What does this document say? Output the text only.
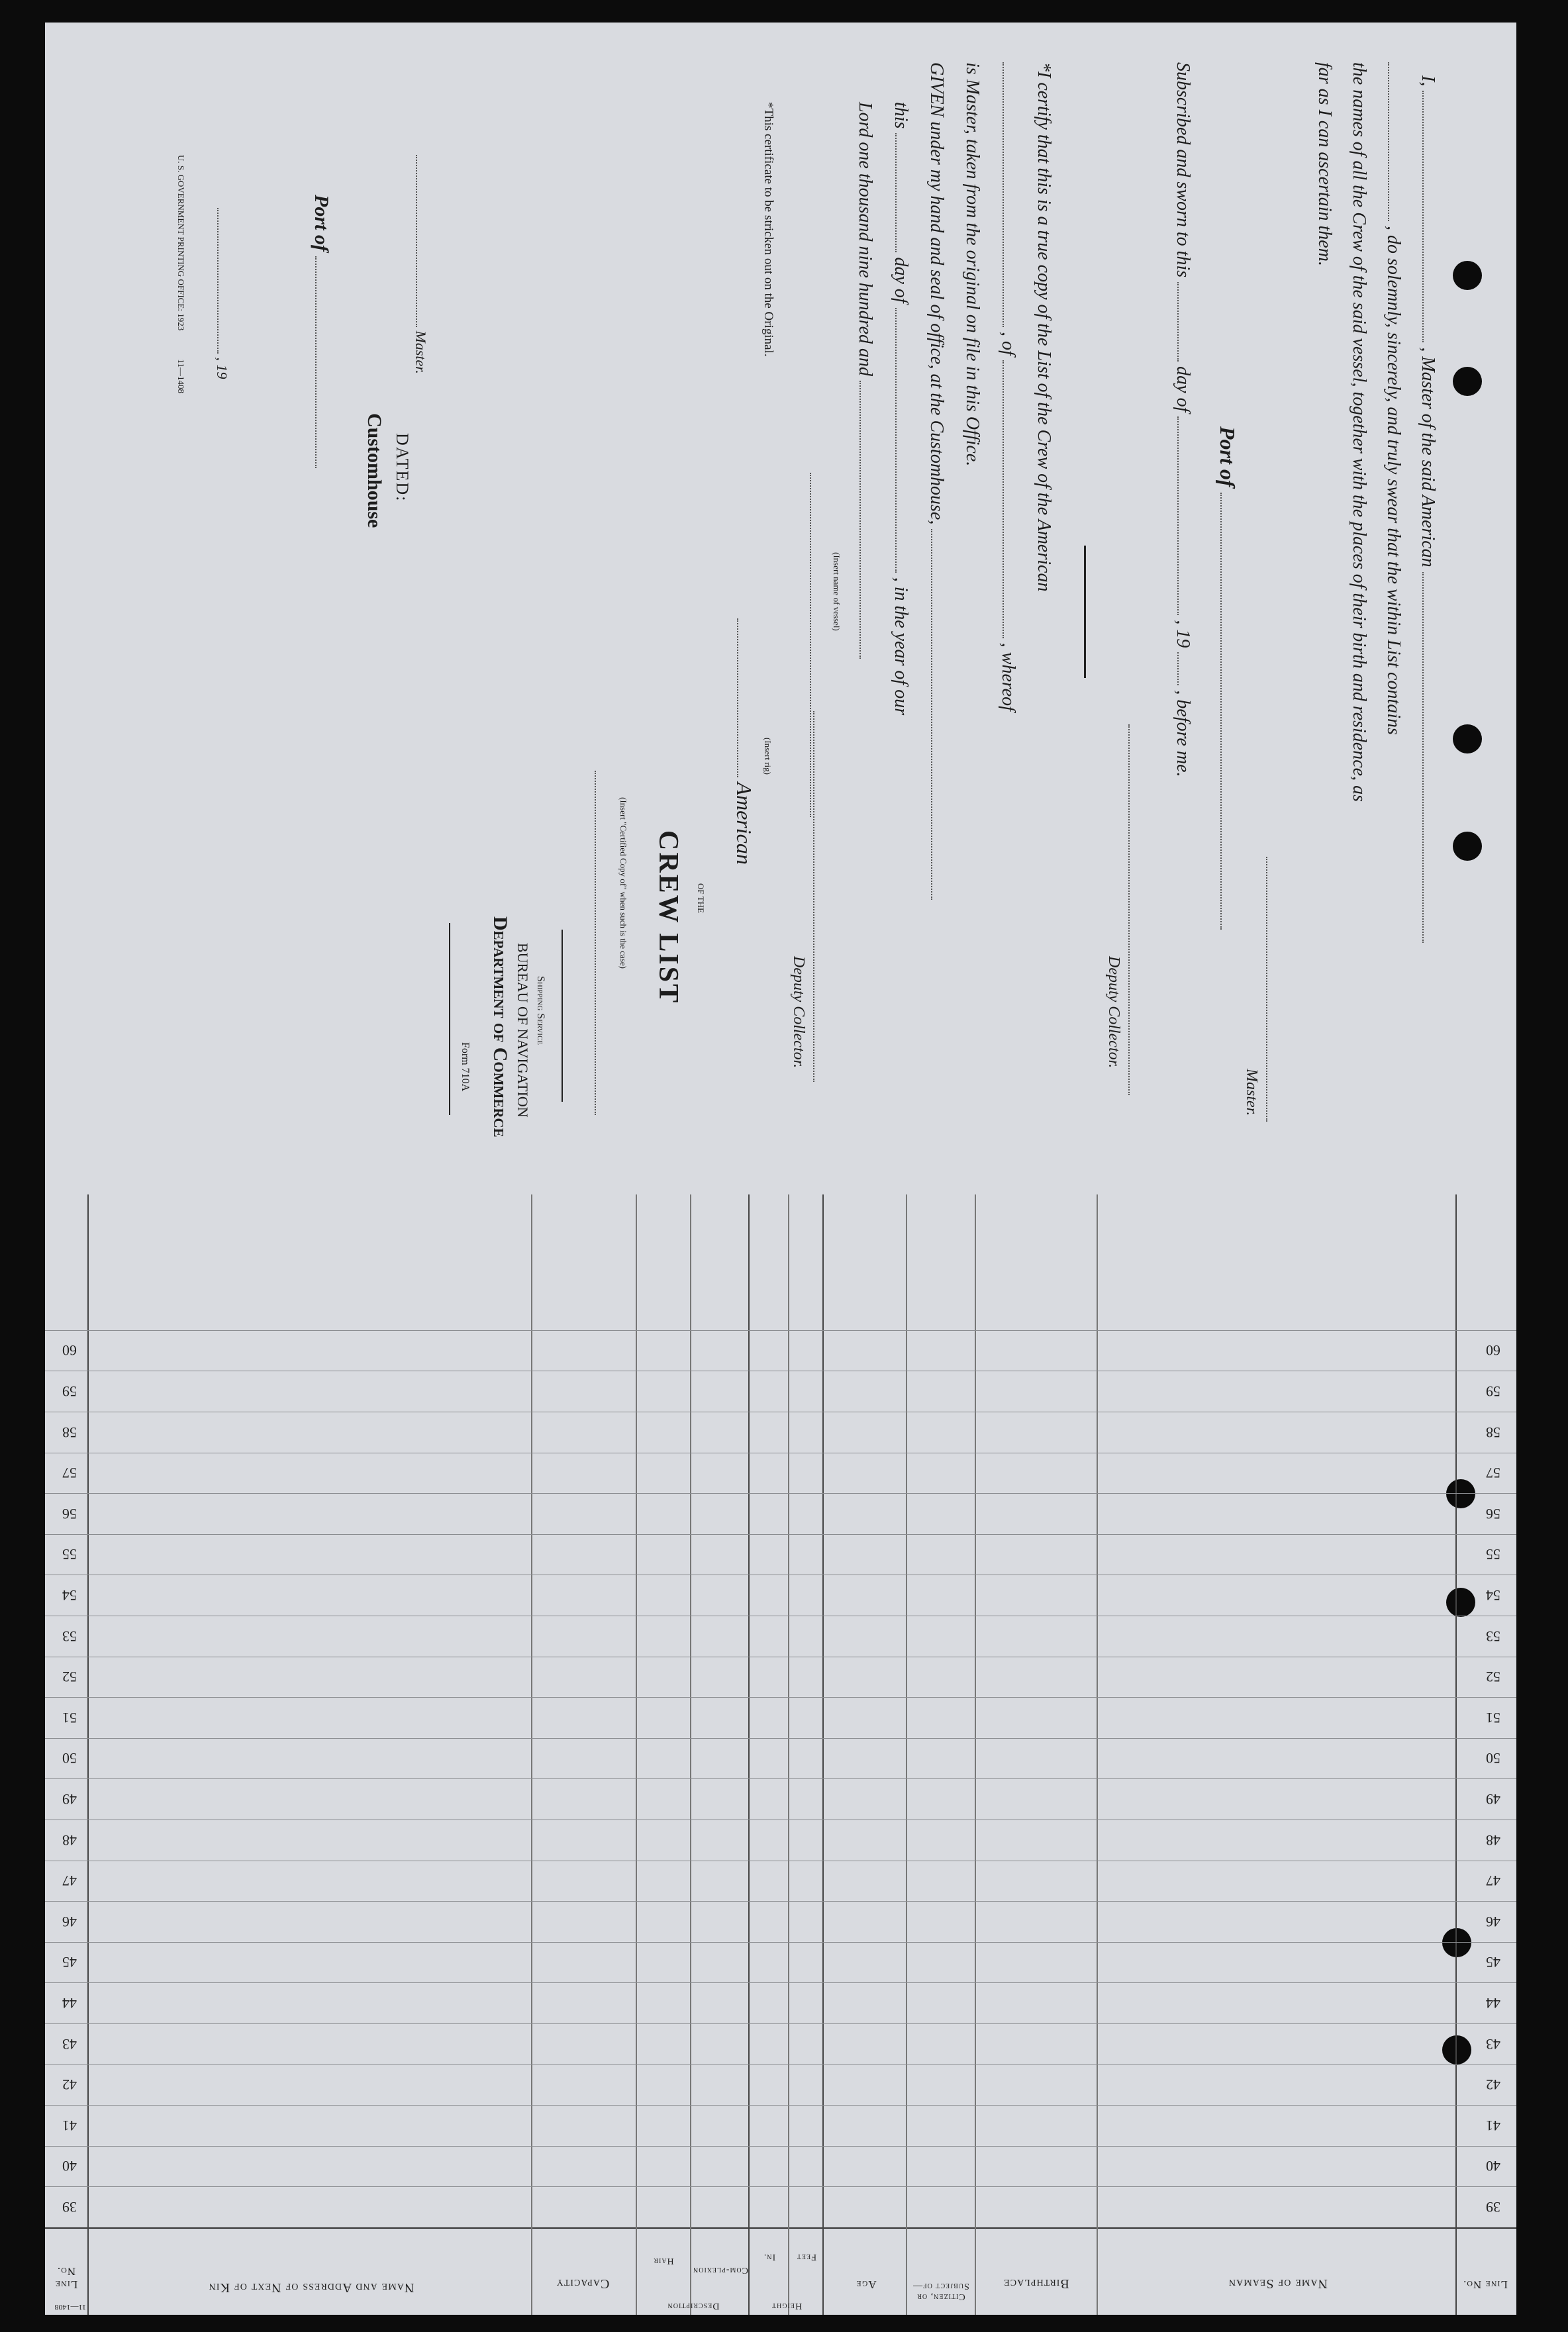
I,  , Master of the said American
, do solemnly, sincerely, and truly swear that the within List contains
the names of all the Crew of the said vessel, together with the places of their birth and residence, as
far as I can ascertain them.
Master.
Port of
Subscribed and sworn to this  day of  , 19  , before me.
Deputy Collector.
*I certify that this is a true copy of the List of the Crew of the American
, of  , whereof
is Master, taken from the original on file in this Office.
GIVEN under my hand and seal of office, at the Customhouse,
this  day of  , in the year of our
Lord one thousand nine hundred and
Deputy Collector.
*This certificate to be stricken out on the Original.
, 19
U. S. GOVERNMENT PRINTING OFFICE: 1923 11—1408
Port of
DATED:
Customhouse
Master.
Form 710A Department of Commerce BUREAU OF NAVIGATION Shipping Service
(Insert "Certified Copy of" when such is the case) CREW LIST OF THE
American
(Insert rig)
(Insert name of vessel)
Line No.
Name of Seaman
Birthplace
Citizen, or Subject of—
Age
Height
Feet
In.
Description
Com-plexion
Hair
Capacity
Name and Address of Next of Kin
Line No.
11—1408
39
39
40
40
41
41
42
42
43
43
44
44
45
45
46
46
47
47
48
48
49
49
50
50
51
51
52
52
53
53
54
54
55
55
56
56
57
57
58
58
59
59
60
60
